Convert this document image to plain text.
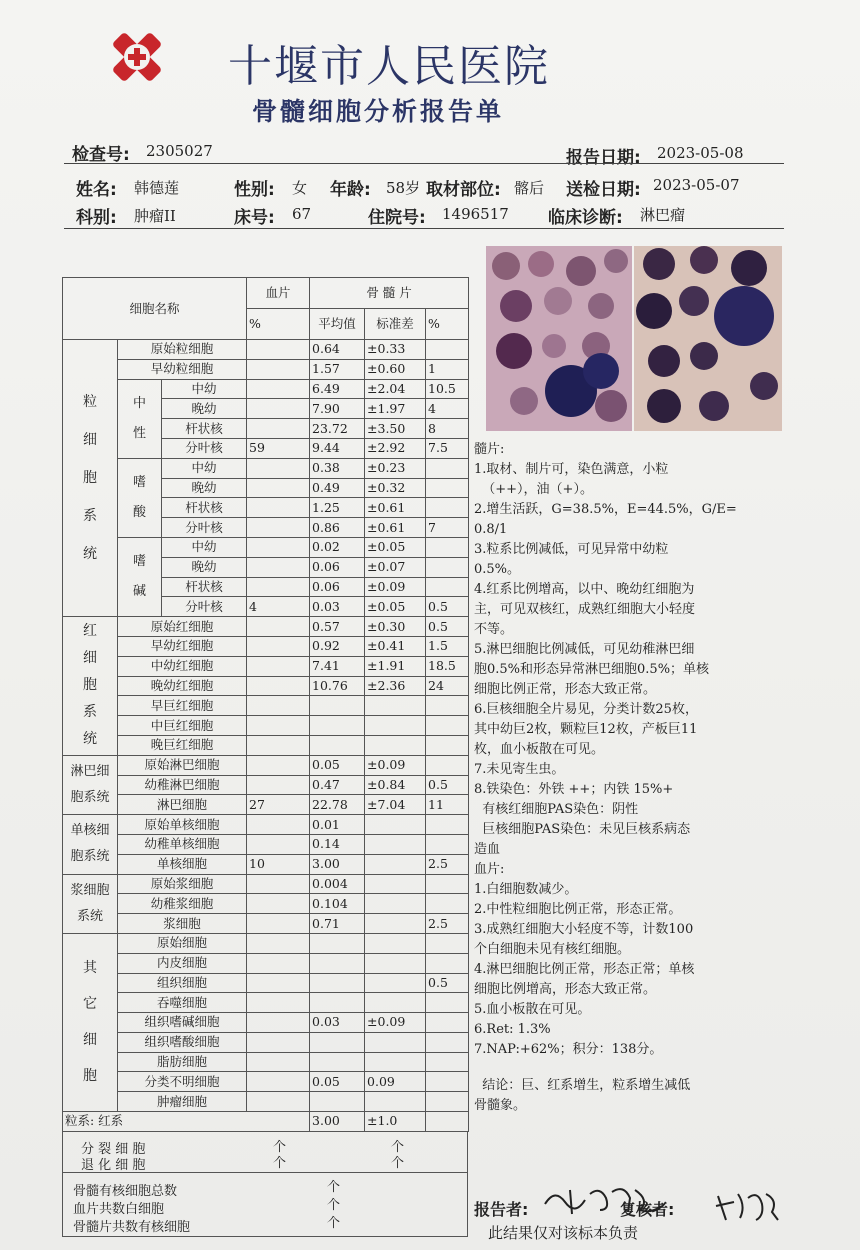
十堰市人民医院
骨髓细胞分析报告单
检查号: 2305027	报告日期: 2023-05-08
姓名: 韩德莲	性别: 女 年龄: 58岁 取材部位: 髂后 送检日期: 2023-05-07
科别: 肿瘤II	床号: 67	住院号: 1496517 临床诊断: 淋巴瘤
细胞名称			血片	骨 髓 片		
			%	平均值	标准差	%
粒细胞系统	原始粒细胞			0.64	±0.33	
	早幼粒细胞			1.57	±0.60	1
	中性	中幼		6.49	±2.04	10.5
		晚幼		7.90	±1.97	4
		杆状核		23.72	±3.50	8
		分叶核	59	9.44	±2.92	7.5
	嗜酸	中幼		0.38	±0.23	
		晚幼		0.49	±0.32	
		杆状核		1.25	±0.61	
		分叶核		0.86	±0.61	7
	嗜碱	中幼		0.02	±0.05	
		晚幼		0.06	±0.07	
		杆状核		0.06	±0.09	
		分叶核	4	0.03	±0.05	0.5
红细胞系统	原始红细胞			0.57	±0.30	0.5
	早幼红细胞			0.92	±0.41	1.5
	中幼红细胞			7.41	±1.91	18.5
	晚幼红细胞			10.76	±2.36	24
	早巨红细胞					
	中巨红细胞					
	晚巨红细胞					
淋巴细胞系统	原始淋巴细胞			0.05	±0.09	
	幼稚淋巴细胞			0.47	±0.84	0.5
	淋巴细胞		27	22.78	±7.04	11
单核细胞系统	原始单核细胞			0.01		
	幼稚单核细胞			0.14		
	单核细胞		10	3.00		2.5
浆细胞系统	原始浆细胞			0.004		
	幼稚浆细胞			0.104		
	浆细胞			0.71		2.5
其它细胞	原始细胞					
	内皮细胞					
	组织细胞					0.5
	吞噬细胞					
	组织嗜碱细胞			0.03	±0.09	
	组织嗜酸细胞					
	脂肪细胞					
	分类不明细胞			0.05	0.09	
	肿瘤细胞					
粒系: 红系				3.00	±1.0	
分 裂 细 胞
退 化 细 胞
个
个
个
个
骨髓有核细胞总数
血片共数白细胞
骨髓片共数有核细胞
个
个
个
髓片:
1.取材、制片可，染色满意，小粒
（++），油（+）。
2.增生活跃，G=38.5%，E=44.5%，G/E=
0.8/1
3.粒系比例减低，可见异常中幼粒
0.5%。
4.红系比例增高，以中、晚幼红细胞为
主，可见双核红，成熟红细胞大小轻度
不等。
5.淋巴细胞比例减低，可见幼稚淋巴细
胞0.5%和形态异常淋巴细胞0.5%；单核
细胞比例正常，形态大致正常。
6.巨核细胞全片易见，分类计数25枚，
其中幼巨2枚，颗粒巨12枚，产板巨11
枚，血小板散在可见。
7.未见寄生虫。
8.铁染色：外铁 ++；内铁 15%+
有核红细胞PAS染色：阴性
巨核细胞PAS染色：未见巨核系病态
造血
血片:
1.白细胞数减少。
2.中性粒细胞比例正常，形态正常。
3.成熟红细胞大小轻度不等，计数100
个白细胞未见有核红细胞。
4.淋巴细胞比例正常，形态正常；单核
细胞比例增高，形态大致正常。
5.血小板散在可见。
6.Ret: 1.3%
7.NAP:+62%；积分：138分。
结论：巨、红系增生，粒系增生减低
骨髓象。
报告者:	复核者:
此结果仅对该标本负责
